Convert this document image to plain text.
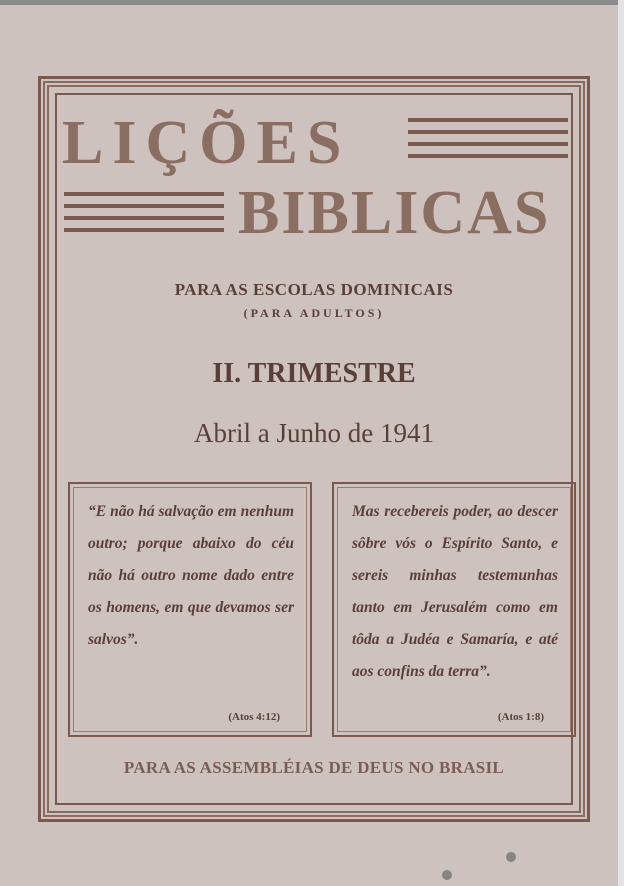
LIÇÕES
BIBLICAS
PARA AS ESCOLAS DOMINICAIS
(PARA ADULTOS)
II. TRIMESTRE
Abril a Junho de 1941
“E não há salvação em nenhum outro; porque abaixo do céu não há outro nome dado entre os homens, em que devamos ser salvos”.
(Atos 4:12)
Mas recebereis poder, ao descer sôbre vós o Espírito Santo, e sereis minhas testemunhas tanto em Jerusalém como em tôda a Judéa e Samaría, e até aos confins da terra”.
(Atos 1:8)
PARA AS ASSEMBLÉIAS DE DEUS NO BRASIL
